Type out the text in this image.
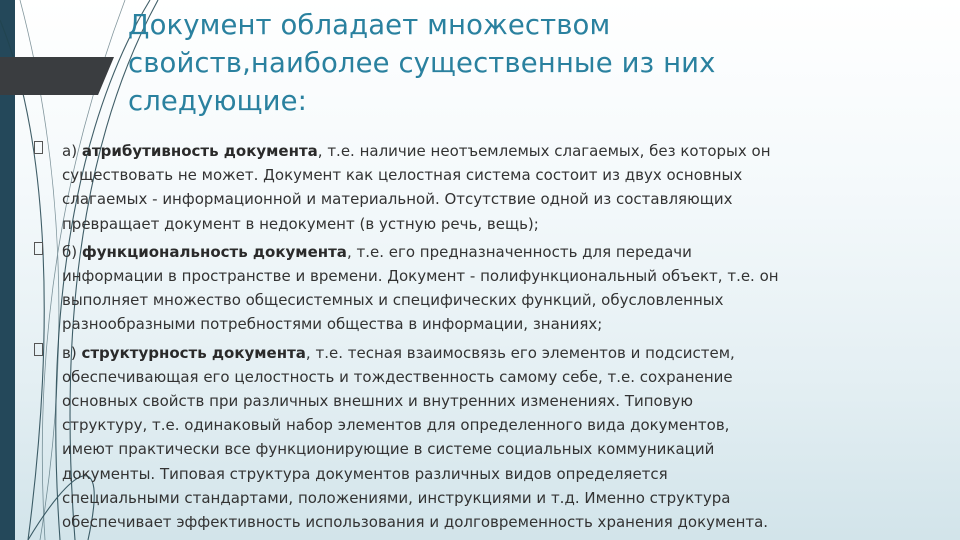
Документ обладает множеством
свойств,наиболее существенные из них
следующие:
а) атрибутивность документа, т.е. наличие неотъемлемых слагаемых, без которых он
существовать не может. Документ как целостная система состоит из двух основных
слагаемых - информационной и материальной. Отсутствие одной из составляющих
превращает документ в недокумент (в устную речь, вещь);
б) функциональность документа, т.е. его предназначенность для передачи
информации в пространстве и времени. Документ - полифункциональный объект, т.е. он
выполняет множество общесистемных и специфических функций, обусловленных
разнообразными потребностями общества в информации, знаниях;
в) структурность документа, т.е. тесная взаимосвязь его элементов и подсистем,
обеспечивающая его целостность и тождественность самому себе, т.е. сохранение
основных свойств при различных внешних и внутренних изменениях. Типовую
структуру, т.е. одинаковый набор элементов для определенного вида документов,
имеют практически все функционирующие в системе социальных коммуникаций
документы. Типовая структура документов различных видов определяется
специальными стандартами, положениями, инструкциями и т.д. Именно структура
обеспечивает эффективность использования и долговременность хранения документа.
